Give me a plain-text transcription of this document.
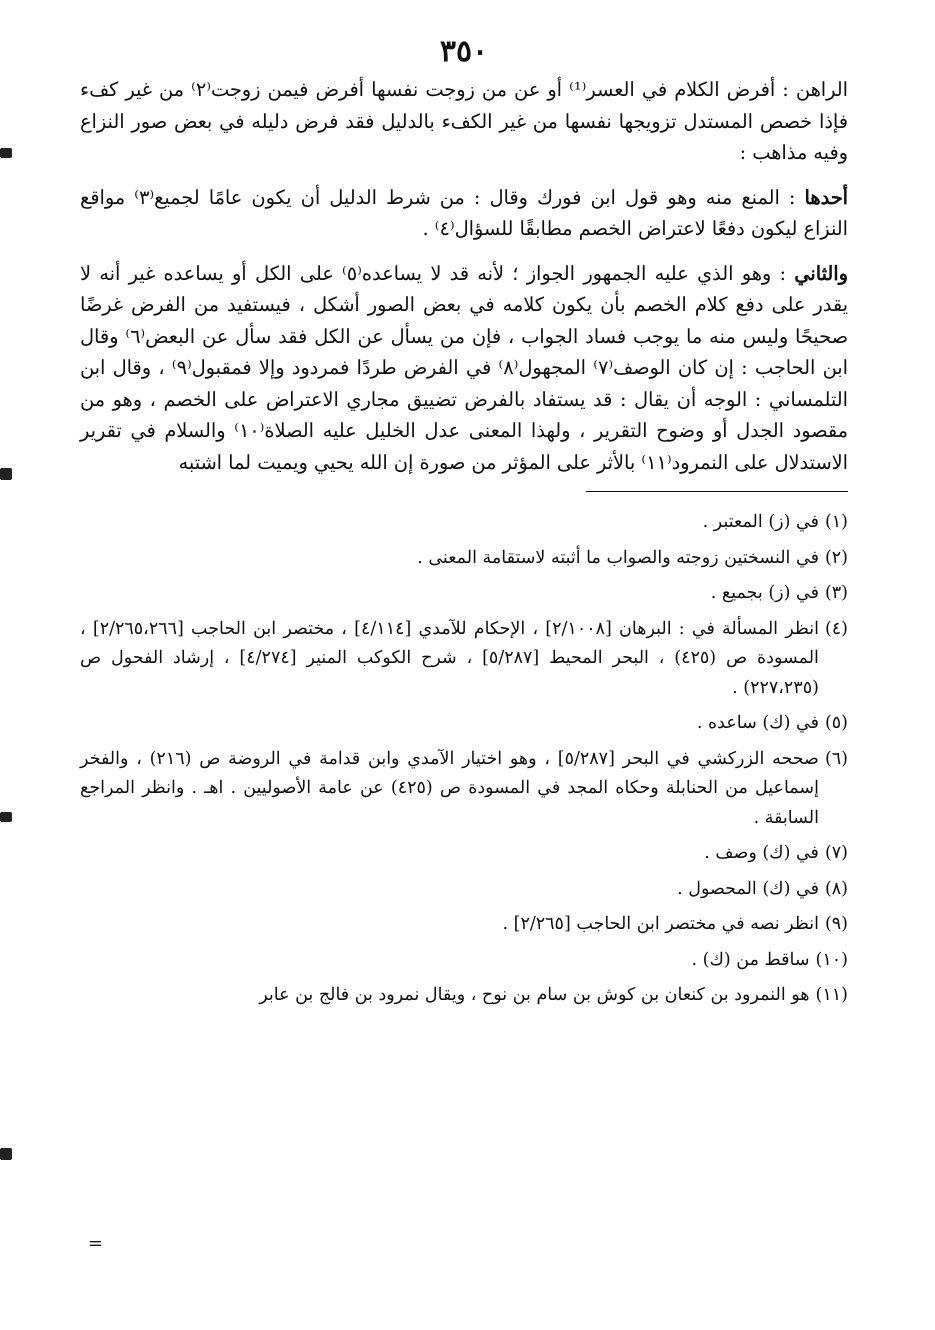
٣٥٠

الراهن : أفرض الكلام في العسر⁽¹⁾ أو عن من زوجت نفسها أفرض فيمن زوجت⁽٢⁾ من غير كفء فإذا خصص المستدل تزويجها نفسها من غير الكفء بالدليل فقد فرض دليله في بعض صور النزاع وفيه مذاهب :

أحدها : المنع منه وهو قول ابن فورك وقال : من شرط الدليل أن يكون عامًا لجميع⁽٣⁾ مواقع النزاع ليكون دفعًا لاعتراض الخصم مطابقًا للسؤال⁽٤⁾ .

والثاني : وهو الذي عليه الجمهور الجواز ؛ لأنه قد لا يساعده⁽٥⁾ على الكل أو يساعده غير أنه لا يقدر على دفع كلام الخصم بأن يكون كلامه في بعض الصور أشكل ، فيستفيد من الفرض غرضًا صحيحًا وليس منه ما يوجب فساد الجواب ، فإن من يسأل عن الكل فقد سأل عن البعض⁽٦⁾ وقال ابن الحاجب : إن كان الوصف⁽٧⁾ المجهول⁽٨⁾ في الفرض طردًا فمردود وإلا فمقبول⁽٩⁾ ، وقال ابن التلمساني : الوجه أن يقال : قد يستفاد بالفرض تضييق مجاري الاعتراض على الخصم ، وهو من مقصود الجدل أو وضوح التقرير ، ولهذا المعنى عدل الخليل عليه الصلاة⁽١٠⁾ والسلام في تقرير الاستدلال على النمرود⁽١١⁾ بالأثر على المؤثر من صورة إن الله يحيي ويميت لما اشتبه

(١)
في (ز) المعتبر .
(٢)
في النسختين زوجته والصواب ما أثبته لاستقامة المعنى .
(٣)
في (ز) بجميع .
(٤)
انظر المسألة في : البرهان [٢/١٠٠٨] ، الإحكام للآمدي [٤/١١٤] ، مختصر ابن الحاجب [٢/٢٦٥،٢٦٦] ، المسودة ص (٤٢٥) ، البحر المحيط [٥/٢٨٧] ، شرح الكوكب المنير [٤/٢٧٤] ، إرشاد الفحول ص (٢٢٧،٢٣٥) .
(٥)
في (ك) ساعده .
(٦)
صححه الزركشي في البحر [٥/٢٨٧] ، وهو اختيار الآمدي وابن قدامة في الروضة ص (٢١٦) ، والفخر إسماعيل من الحنابلة وحكاه المجد في المسودة ص (٤٢٥) عن عامة الأصوليين . اهـ . وانظر المراجع السابقة .
(٧)
في (ك) وصف .
(٨)
في (ك) المحصول .
(٩)
انظر نصه في مختصر ابن الحاجب [٢/٢٦٥] .
(١٠)
ساقط من (ك) .
(١١)
هو النمرود بن كنعان بن كوش بن سام بن نوح ، ويقال نمرود بن فالج بن عابر
=
